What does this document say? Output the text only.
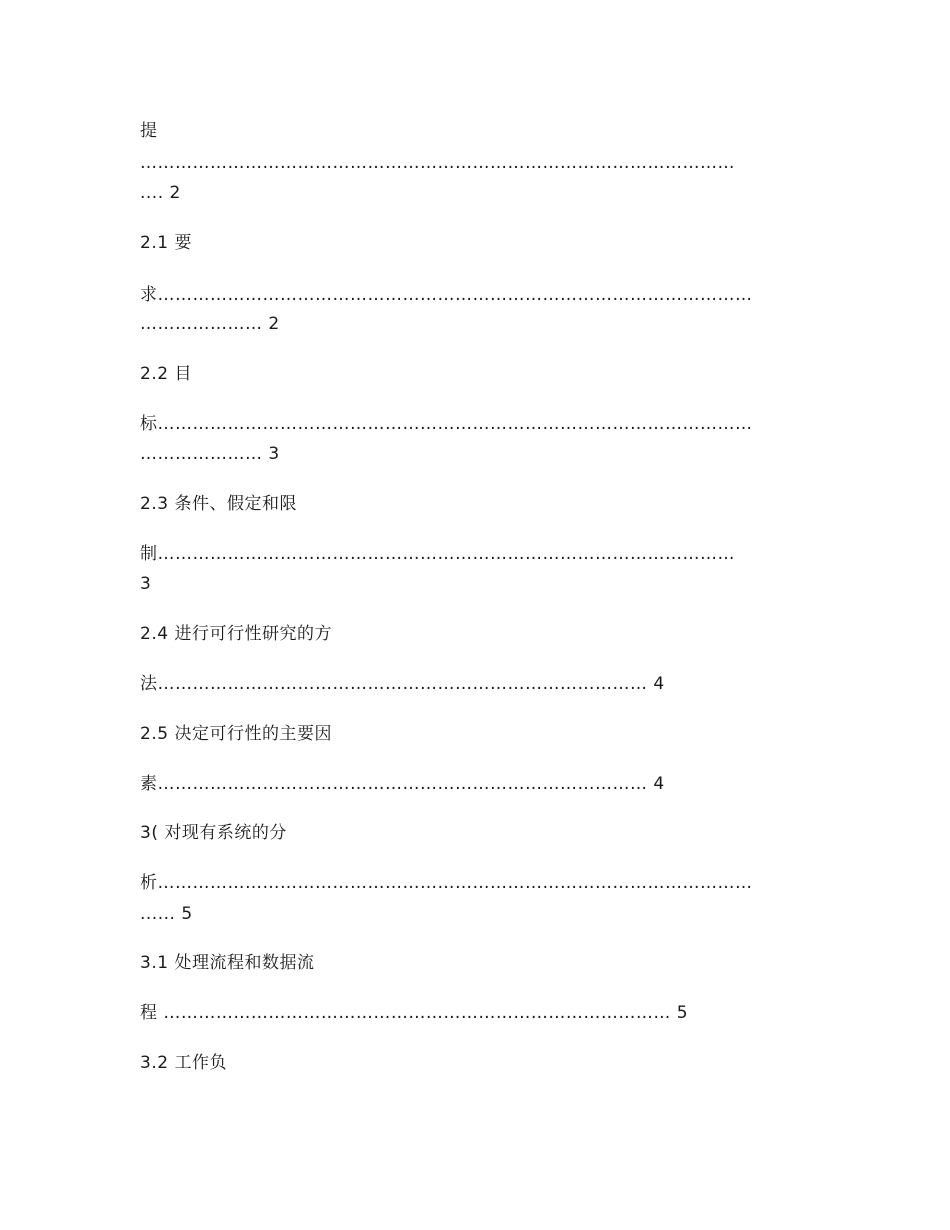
提
…………………………………………………………………………………………
.... 2
2.1 要
求…………………………………………………………………………………………
………………… 2
2.2 目
标…………………………………………………………………………………………
………………… 3
2.3 条件、假定和限
制………………………………………………………………………………………
3
2.4 进行可行性研究的方
法………………………………………………………………………… 4
2.5 决定可行性的主要因
素………………………………………………………………………… 4
3( 对现有系统的分
析…………………………………………………………………………………………
...... 5
3.1 处理流程和数据流
程 …………………………………………………………………………… 5
3.2 工作负
